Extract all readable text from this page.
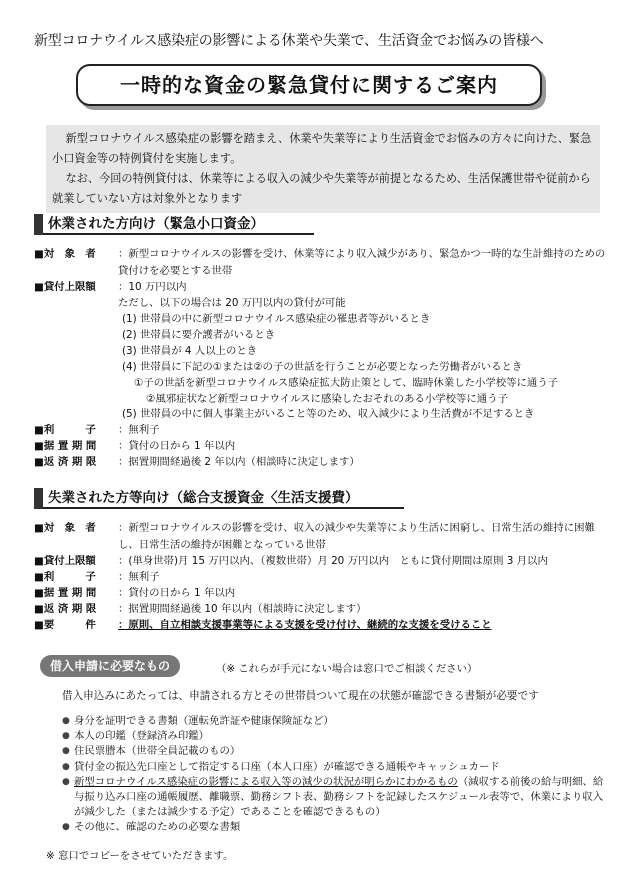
新型コロナウイルス感染症の影響による休業や失業で、生活資金でお悩みの皆様へ
一時的な資金の緊急貸付に関するご案内

新型コロナウイルス感染症の影響を踏まえ、休業や失業等により生活資金でお悩みの方々に向けた、緊急小口資金等の特例貸付を実施します。

なお、今回の特例貸付は、休業等による収入の減少や失業等が前提となるため、生活保護世帯や従前から就業していない方は対象外となります

休業された方向け（緊急小口資金）
■対　象　者	：新型コロナウイルスの影響を受け、休業等により収入減少があり、緊急かつ一時的な生計維持のための貸付けを必要とする世帯
■貸付上限額 ：10 万円以内
ただし、以下の場合は 20 万円以内の貸付が可能
(1) 世帯員の中に新型コロナウイルス感染症の罹患者等がいるとき
(2) 世帯員に要介護者がいるとき
(3) 世帯員が 4 人以上のとき
(4) 世帯員に下記の①または②の子の世話を行うことが必要となった労働者がいるとき
①子の世話を新型コロナウイルス感染症拡大防止策として、臨時休業した小学校等に通う子
②風邪症状など新型コロナウイルスに感染したおそれのある小学校等に通う子
(5) 世帯員の中に個人事業主がいること等のため、収入減少により生活費が不足するとき
■利　　　子 ：無利子
■据 置 期 間 ：貸付の日から 1 年以内
■返 済 期 限 ：据置期間経過後 2 年以内（相談時に決定します）
失業された方等向け（総合支援資金〈生活支援費）
■対　象　者	：新型コロナウイルスの影響を受け、収入の減少や失業等により生活に困窮し、日常生活の維持に困難し、日常生活の維持が困難となっている世帯
■貸付上限額 ：(単身世帯)月 15 万円以内、（複数世帯）月 20 万円以内　ともに貸付期間は原則 3 月以内
■利　　　子 ：無利子
■据 置 期 間 ：貸付の日から 1 年以内
■返 済 期 限 ：据置期間経過後 10 年以内（相談時に決定します）
■要　　　件 ：原則、自立相談支援事業等による支援を受け付け、継続的な支援を受けること
借入申請に必要なもの	（※ これらが手元にない場合は窓口でご相談ください）
借入申込みにあたっては、申請される方とその世帯員ついて現在の状態が確認できる書類が必要です
● 身分を証明できる書類（運転免許証や健康保険証など）
● 本人の印鑑（登録済み印鑑）
● 住民票謄本（世帯全員記載のもの）
● 貸付金の振込先口座として指定する口座（本人口座）が確認できる通帳やキャッシュカード
● 新型コロナウイルス感染症の影響による収入等の減少の状況が明らかにわかるもの（減収する前後の給与明細、給与振り込み口座の通帳履歴、離職票、勤務シフト表、勤務シフトを記録したスケジュール表等で、休業により収入が減少した（または減少する予定）であることを確認できるもの）
● その他に、確認のための必要な書類
※ 窓口でコピーをさせていただきます。
